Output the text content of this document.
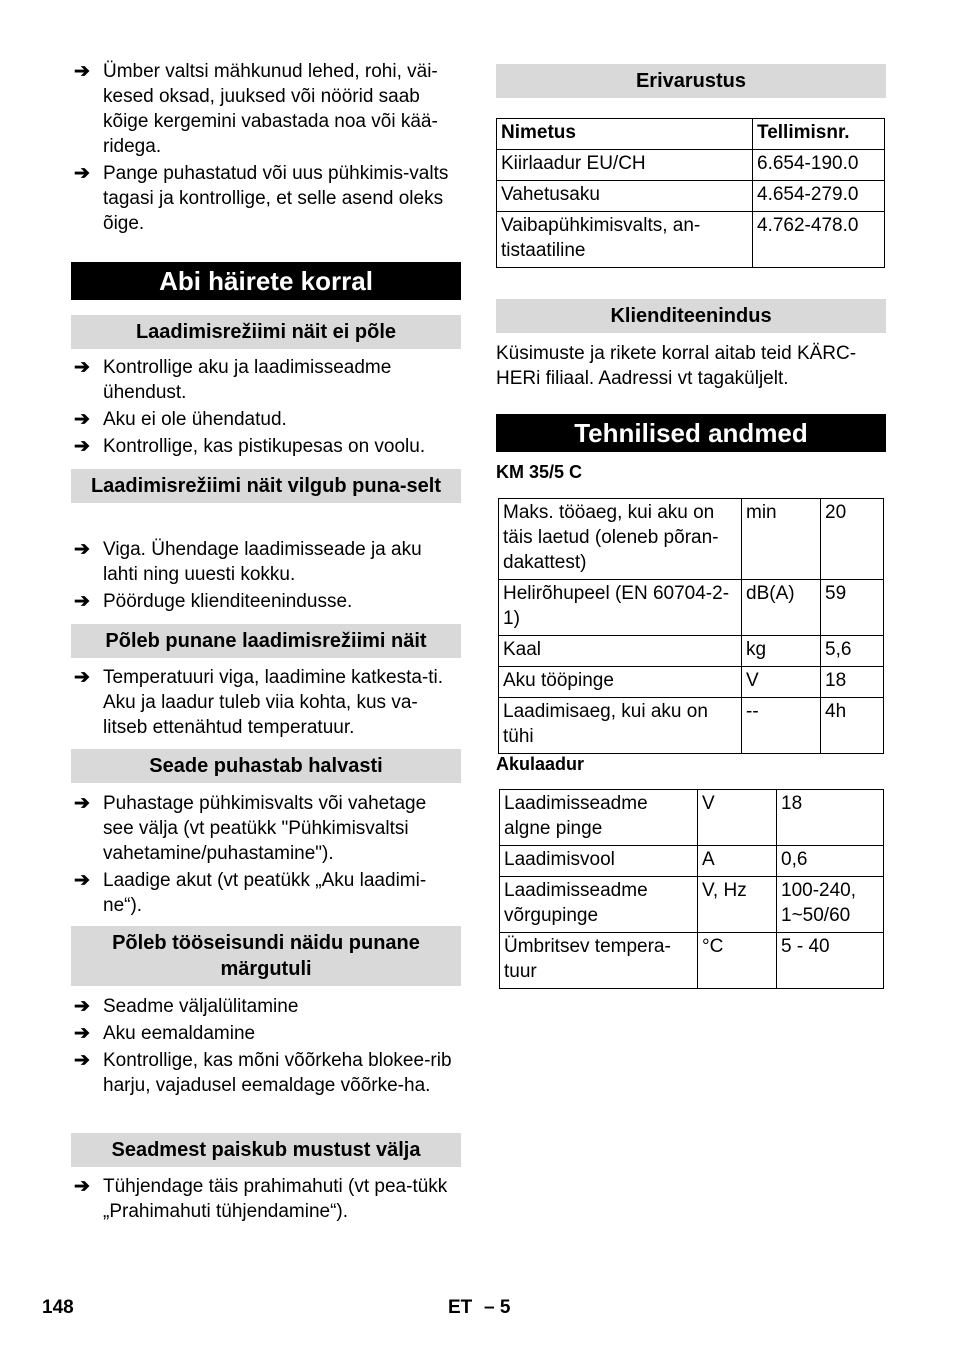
➔ Ümber valtsi mähkunud lehed, rohi, väi-kesed oksad, juuksed või nöörid saab kõige kergemini vabastada noa või kää-ridega.
➔ Pange puhastatud või uus pühkimis-valts tagasi ja kontrollige, et selle asend oleks õige.
Abi häirete korral
Laadimisrežiimi näit ei põle
➔ Kontrollige aku ja laadimisseadme ühendust.
➔ Aku ei ole ühendatud.
➔ Kontrollige, kas pistikupesas on voolu.
Laadimisrežiimi näit vilgub puna-selt
➔ Viga. Ühendage laadimisseade ja aku lahti ning uuesti kokku.
➔ Pöörduge klienditeenindusse.
Põleb punane laadimisrežiimi näit
➔ Temperatuuri viga, laadimine katkesta-ti. Aku ja laadur tuleb viia kohta, kus va-litseb ettenähtud temperatuur.
Seade puhastab halvasti
➔ Puhastage pühkimisvalts või vahetage see välja (vt peatükk "Pühkimisvaltsi vahetamine/puhastamine").
➔ Laadige akut (vt peatükk „Aku laadimi-ne“).
Põleb tööseisundi näidu punane märgutuli
➔ Seadme väljalülitamine
➔ Aku eemaldamine
➔ Kontrollige, kas mõni võõrkeha blokee-rib harju, vajadusel eemaldage võõrke-ha.
Seadmest paiskub mustust välja
➔ Tühjendage täis prahimahuti (vt pea-tükk „Prahimahuti tühjendamine“).
Erivarustus
Nimetus	Tellimisnr.
Kiirlaadur EU/CH	6.654-190.0
Vahetusaku	4.654-279.0
Vaibapühkimisvalts, an-tistaatiline	4.762-478.0
Klienditeenindus
Küsimuste ja rikete korral aitab teid KÄRC-HERi filiaal. Aadressi vt tagaküljelt.
Tehnilised andmed
KM 35/5 C
Maks. tööaeg, kui aku on täis laetud (oleneb põran-dakattest)	min	20
Helirõhupeel (EN 60704-2-1)	dB(A)	59
Kaal	kg	5,6
Aku tööpinge	V	18
Laadimisaeg, kui aku on tühi	--	4h
Akulaadur
Laadimisseadme algne pinge	V	18
Laadimisvool	A	0,6
Laadimisseadme võrgupinge	V, Hz	100-240, 1~50/60
Ümbritsev tempera-tuur	°C	5 - 40
148	ET – 5
